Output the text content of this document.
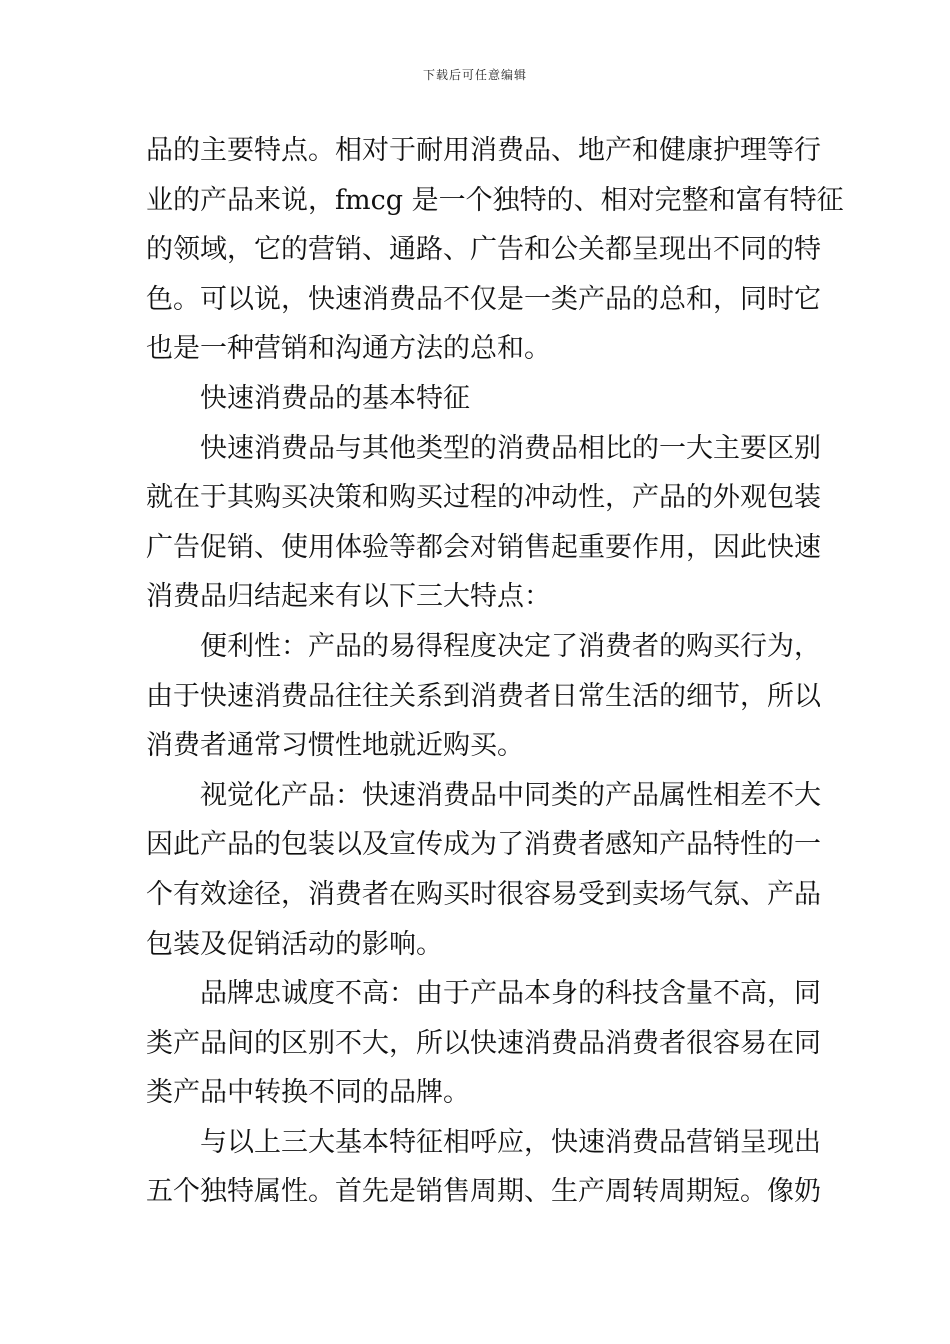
下载后可任意编辑
品的主要特点。相对于耐用消费品、地产和健康护理等行
业的产品来说，fmcg 是一个独特的、相对完整和富有特征
的领域，它的营销、通路、广告和公关都呈现出不同的特
色。可以说，快速消费品不仅是一类产品的总和，同时它
也是一种营销和沟通方法的总和。
快速消费品的基本特征
快速消费品与其他类型的消费品相比的一大主要区别
就在于其购买决策和购买过程的冲动性，产品的外观包装
广告促销、使用体验等都会对销售起重要作用，因此快速
消费品归结起来有以下三大特点：
便利性：产品的易得程度决定了消费者的购买行为，
由于快速消费品往往关系到消费者日常生活的细节，所以
消费者通常习惯性地就近购买。
视觉化产品：快速消费品中同类的产品属性相差不大
因此产品的包装以及宣传成为了消费者感知产品特性的一
个有效途径，消费者在购买时很容易受到卖场气氛、产品
包装及促销活动的影响。
品牌忠诚度不高：由于产品本身的科技含量不高，同
类产品间的区别不大，所以快速消费品消费者很容易在同
类产品中转换不同的品牌。
与以上三大基本特征相呼应，快速消费品营销呈现出
五个独特属性。首先是销售周期、生产周转周期短。像奶
